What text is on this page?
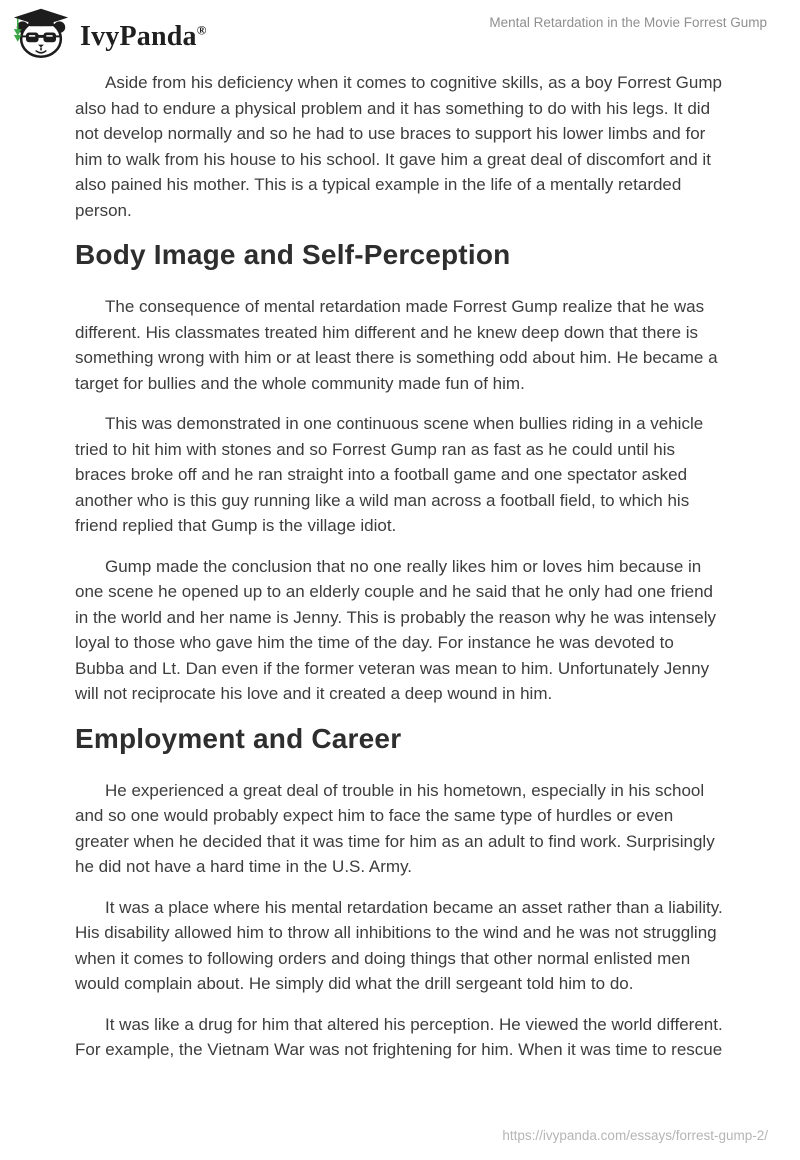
IvyPanda®
Mental Retardation in the Movie Forrest Gump

Aside from his deficiency when it comes to cognitive skills, as a boy Forrest Gump also had to endure a physical problem and it has something to do with his legs. It did not develop normally and so he had to use braces to support his lower limbs and for him to walk from his house to his school. It gave him a great deal of discomfort and it also pained his mother. This is a typical example in the life of a mentally retarded person.

Body Image and Self-Perception

The consequence of mental retardation made Forrest Gump realize that he was different. His classmates treated him different and he knew deep down that there is something wrong with him or at least there is something odd about him. He became a target for bullies and the whole community made fun of him.

This was demonstrated in one continuous scene when bullies riding in a vehicle tried to hit him with stones and so Forrest Gump ran as fast as he could until his braces broke off and he ran straight into a football game and one spectator asked another who is this guy running like a wild man across a football field, to which his friend replied that Gump is the village idiot.

Gump made the conclusion that no one really likes him or loves him because in one scene he opened up to an elderly couple and he said that he only had one friend in the world and her name is Jenny. This is probably the reason why he was intensely loyal to those who gave him the time of the day. For instance he was devoted to Bubba and Lt. Dan even if the former veteran was mean to him. Unfortunately Jenny will not reciprocate his love and it created a deep wound in him.

Employment and Career

He experienced a great deal of trouble in his hometown, especially in his school and so one would probably expect him to face the same type of hurdles or even greater when he decided that it was time for him as an adult to find work. Surprisingly he did not have a hard time in the U.S. Army.

It was a place where his mental retardation became an asset rather than a liability. His disability allowed him to throw all inhibitions to the wind and he was not struggling when it comes to following orders and doing things that other normal enlisted men would complain about. He simply did what the drill sergeant told him to do.

It was like a drug for him that altered his perception. He viewed the world different. For example, the Vietnam War was not frightening for him. When it was time to rescue

https://ivypanda.com/essays/forrest-gump-2/
